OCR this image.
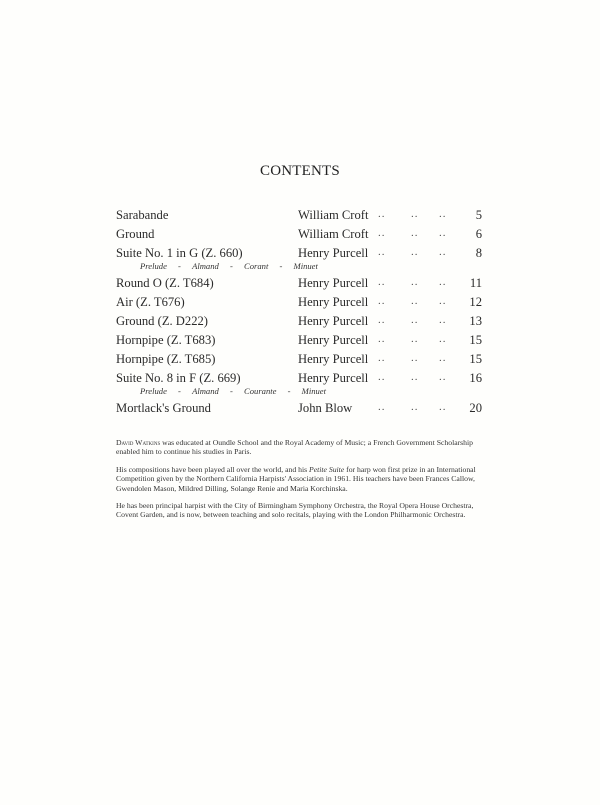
CONTENTS
Sarabande	William Croft .. .. .. 5
Ground	William Croft .. .. .. 6
Suite No. 1 in G (Z. 660)	Henry Purcell .. .. .. 8
Prelude - Almand - Corant - Minuet
Round O (Z. T684)	Henry Purcell .. .. .. 11
Air (Z. T676)	Henry Purcell .. .. .. 12
Ground (Z. D222)	Henry Purcell .. .. .. 13
Hornpipe (Z. T683)	Henry Purcell .. .. .. 15
Hornpipe (Z. T685)	Henry Purcell .. .. .. 15
Suite No. 8 in F (Z. 669)	Henry Purcell .. .. .. 16
Prelude - Almand - Courante - Minuet
Mortlack's Ground	John Blow .. .. .. 20

David Watkins was educated at Oundle School and the Royal Academy of Music; a French Government Scholarship enabled him to continue his studies in Paris.

His compositions have been played all over the world, and his Petite Suite for harp won first prize in an International Competition given by the Northern California Harpists' Association in 1961. His teachers have been Frances Callow, Gwendolen Mason, Mildred Dilling, Solange Renie and Maria Korchinska.

He has been principal harpist with the City of Birmingham Symphony Orchestra, the Royal Opera House Orchestra, Covent Garden, and is now, between teaching and solo recitals, playing with the London Philharmonic Orchestra.
